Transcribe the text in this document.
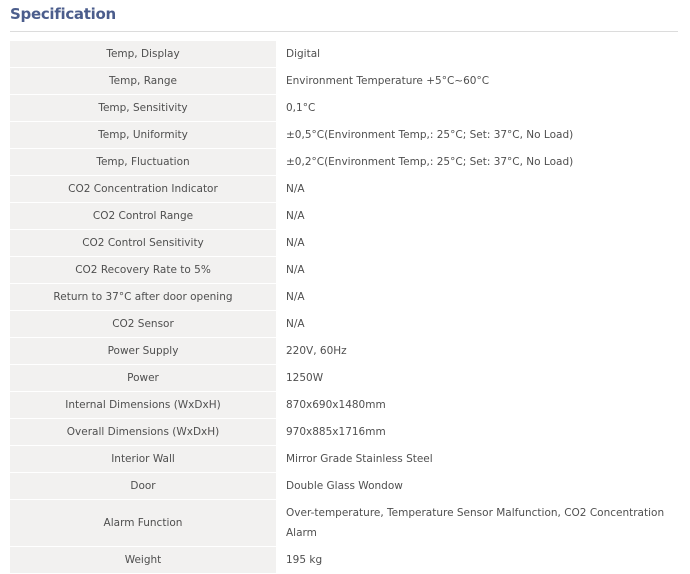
Specification
Temp, Display	Digital
Temp, Range	Environment Temperature +5°C~60°C
Temp, Sensitivity	0,1°C
Temp, Uniformity	±0,5°C(Environment Temp,: 25°C; Set: 37°C, No Load)
Temp, Fluctuation	±0,2°C(Environment Temp,: 25°C; Set: 37°C, No Load)
CO2 Concentration Indicator	N/A
CO2 Control Range	N/A
CO2 Control Sensitivity	N/A
CO2 Recovery Rate to 5%	N/A
Return to 37°C after door opening	N/A
CO2 Sensor	N/A
Power Supply	220V, 60Hz
Power	1250W
Internal Dimensions (WxDxH)	870x690x1480mm
Overall Dimensions (WxDxH)	970x885x1716mm
Interior Wall	Mirror Grade Stainless Steel
Door	Double Glass Wondow
Alarm Function	Over-temperature, Temperature Sensor Malfunction, CO2 Concentration Alarm
Weight	195 kg
